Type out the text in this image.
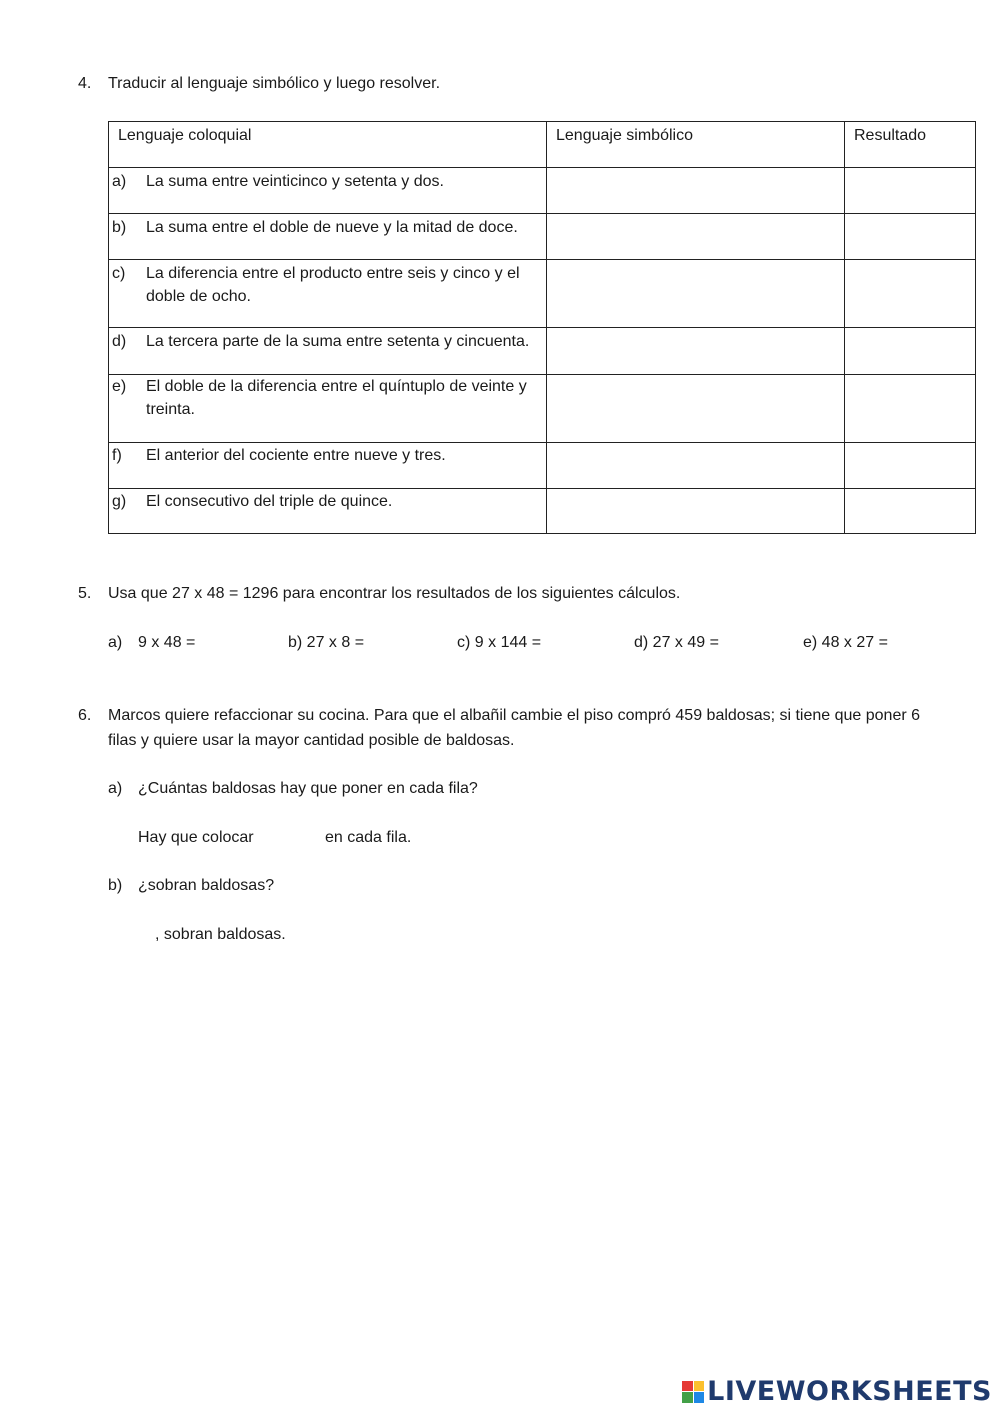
4. Traducir al lenguaje simbólico y luego resolver.
Lenguaje coloquial	Lenguaje simbólico	Resultado

a) La suma entre veinticinco y setenta y dos.		

b) La suma entre el doble de nueve y la mitad de doce.		

c) La diferencia entre el producto entre seis y cinco y el doble de ocho.		

d) La tercera parte de la suma entre setenta y cincuenta.		

e) El doble de la diferencia entre el quíntuplo de veinte y treinta.		

f) El anterior del cociente entre nueve y tres.		

g) El consecutivo del triple de quince.		

5. Usa que 27 x 48 = 1296 para encontrar los resultados de los siguientes cálculos.
a) 9 x 48 =	b) 27 x 8 =	c) 9 x 144 =	d) 27 x 49 =	e) 48 x 27 =
6. Marcos quiere refaccionar su cocina. Para que el albañil cambie el piso compró 459 baldosas; si tiene que poner 6
filas y quiere usar la mayor cantidad posible de baldosas.
a) ¿Cuántas baldosas hay que poner en cada fila?
Hay que colocar	en cada fila.
b) ¿sobran baldosas?
, sobran baldosas.
LIVEWORKSHEETS
